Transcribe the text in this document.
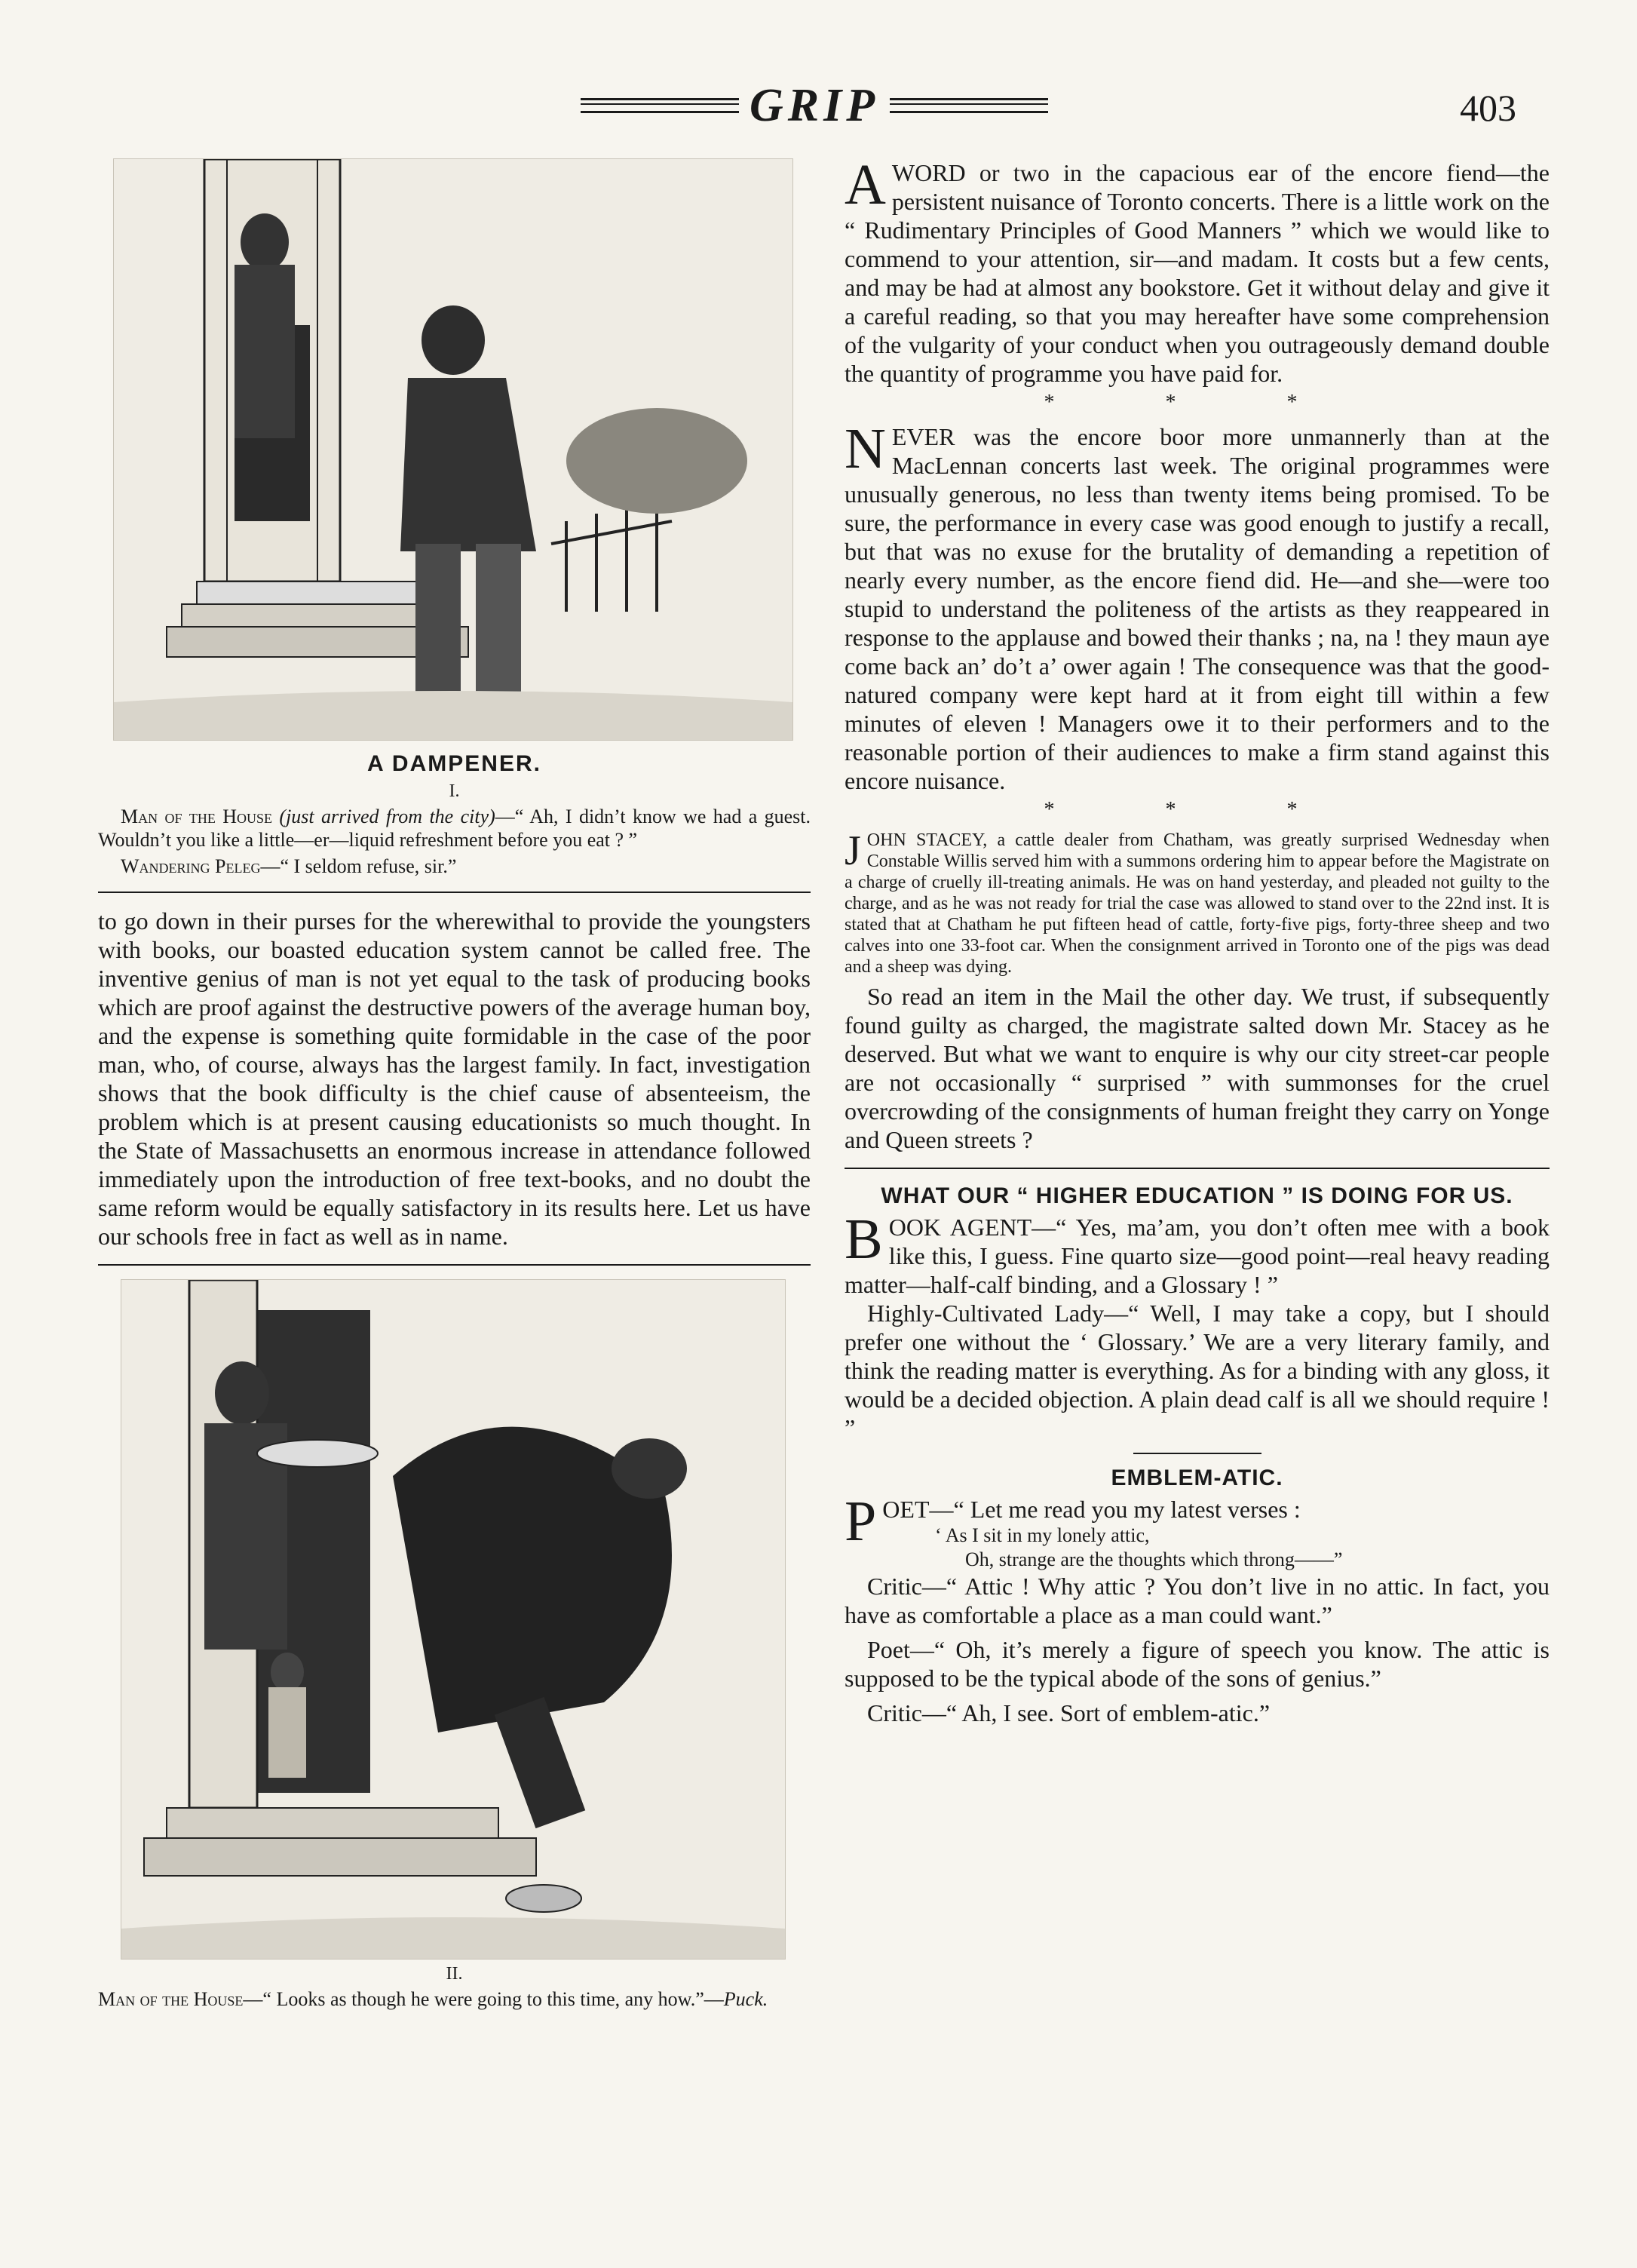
GRIP	403
A DAMPENER.
I.

Man of the House (just arrived from the city)—“ Ah, I didn’t know we had a guest. Wouldn’t you like a little—er—liquid refreshment before you eat ? ”

Wandering Peleg—“ I seldom refuse, sir.”

to go down in their purses for the wherewithal to provide the youngsters with books, our boasted education system cannot be called free. The inventive genius of man is not yet equal to the task of producing books which are proof against the destructive powers of the average human boy, and the expense is something quite formidable in the case of the poor man, who, of course, always has the largest family. In fact, investigation shows that the book difficulty is the chief cause of absenteeism, the problem which is at present causing educationists so much thought. In the State of Massachusetts an enormous increase in attendance followed immediately upon the introduction of free text-books, and no doubt the same reform would be equally satisfactory in its results here. Let us have our schools free in fact as well as in name.

II.

Man of the House—“ Looks as though he were going to this time, any how.”—Puck.

AWORD or two in the capacious ear of the encore fiend—the persistent nuisance of Toronto concerts. There is a little work on the “ Rudimentary Principles of Good Manners ” which we would like to commend to your attention, sir—and madam. It costs but a few cents, and may be had at almost any bookstore. Get it without delay and give it a careful reading, so that you may hereafter have some comprehension of the vulgarity of your conduct when you outrageously demand double the quantity of programme you have paid for.

* * *

NEVER was the encore boor more unmannerly than at the MacLennan concerts last week. The original programmes were unusually generous, no less than twenty items being promised. To be sure, the performance in every case was good enough to justify a recall, but that was no exuse for the brutality of demanding a repetition of nearly every number, as the encore fiend did. He—and she—were too stupid to understand the politeness of the artists as they reappeared in response to the applause and bowed their thanks ; na, na ! they maun aye come back an’ do’t a’ ower again ! The consequence was that the good-natured company were kept hard at it from eight till within a few minutes of eleven ! Managers owe it to their performers and to the reasonable portion of their audiences to make a firm stand against this encore nuisance.

* * *

JOHN STACEY, a cattle dealer from Chatham, was greatly surprised Wednesday when Constable Willis served him with a summons ordering him to appear before the Magistrate on a charge of cruelly ill-treating animals. He was on hand yesterday, and pleaded not guilty to the charge, and as he was not ready for trial the case was allowed to stand over to the 22nd inst. It is stated that at Chatham he put fifteen head of cattle, forty-five pigs, forty-three sheep and two calves into one 33-foot car. When the consignment arrived in Toronto one of the pigs was dead and a sheep was dying.

So read an item in the Mail the other day. We trust, if subsequently found guilty as charged, the magistrate salted down Mr. Stacey as he deserved. But what we want to enquire is why our city street-car people are not occasionally “ surprised ” with summonses for the cruel overcrowding of the consignments of human freight they carry on Yonge and Queen streets ?

WHAT OUR “ HIGHER EDUCATION ” IS DOING FOR US.

BOOK AGENT—“ Yes, ma’am, you don’t often mee with a book like this, I guess. Fine quarto size—good point—real heavy reading matter—half-calf binding, and a Glossary ! ”

Highly-Cultivated Lady—“ Well, I may take a copy, but I should prefer one without the ‘ Glossary.’ We are a very literary family, and think the reading matter is everything. As for a binding with any gloss, it would be a decided objection. A plain dead calf is all we should require ! ”

EMBLEM-ATIC.

POET—“ Let me read you my latest verses :

‘ As I sit in my lonely attic,
Oh, strange are the thoughts which throng——”

Critic—“ Attic ! Why attic ? You don’t live in no attic. In fact, you have as comfortable a place as a man could want.”

Poet—“ Oh, it’s merely a figure of speech you know. The attic is supposed to be the typical abode of the sons of genius.”

Critic—“ Ah, I see. Sort of emblem-atic.”
